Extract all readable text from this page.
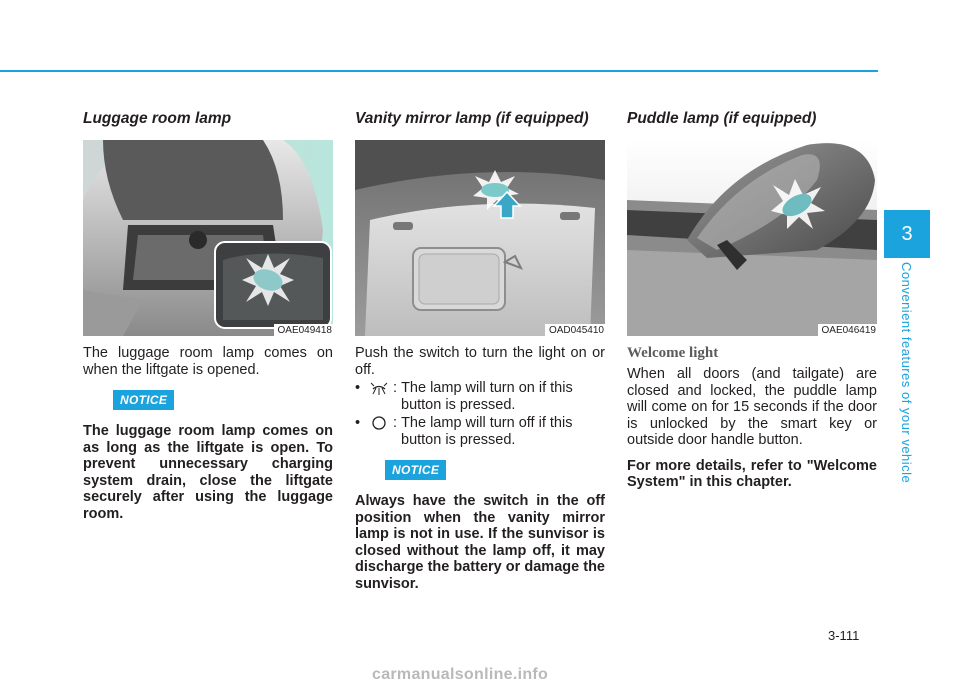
Luggage room lamp
OAE049418

The luggage room lamp comes on when the liftgate is opened.

NOTICE

The luggage room lamp comes on as long as the liftgate is open. To prevent unnecessary charging system drain, close the liftgate securely after using the luggage room.

Vanity mirror lamp (if equipped)
OAD045410

Push the switch to turn the light on or off.

•	:
The lamp will turn on if this
button is pressed.
•	:
The lamp will turn off if this
button is pressed.
NOTICE

Always have the switch in the off position when the vanity mirror lamp is not in use. If the sunvisor is closed without the lamp off, it may discharge the battery or damage the sunvisor.

Puddle lamp (if equipped)
OAE046419
Welcome light

When all doors (and tailgate) are closed and locked, the puddle lamp will come on for 15 seconds if the door is unlocked by the smart key or outside door handle button.

For more details, refer to "Welcome System" in this chapter.

3
Convenient features of your vehicle
3-111
carmanualsonline.info
